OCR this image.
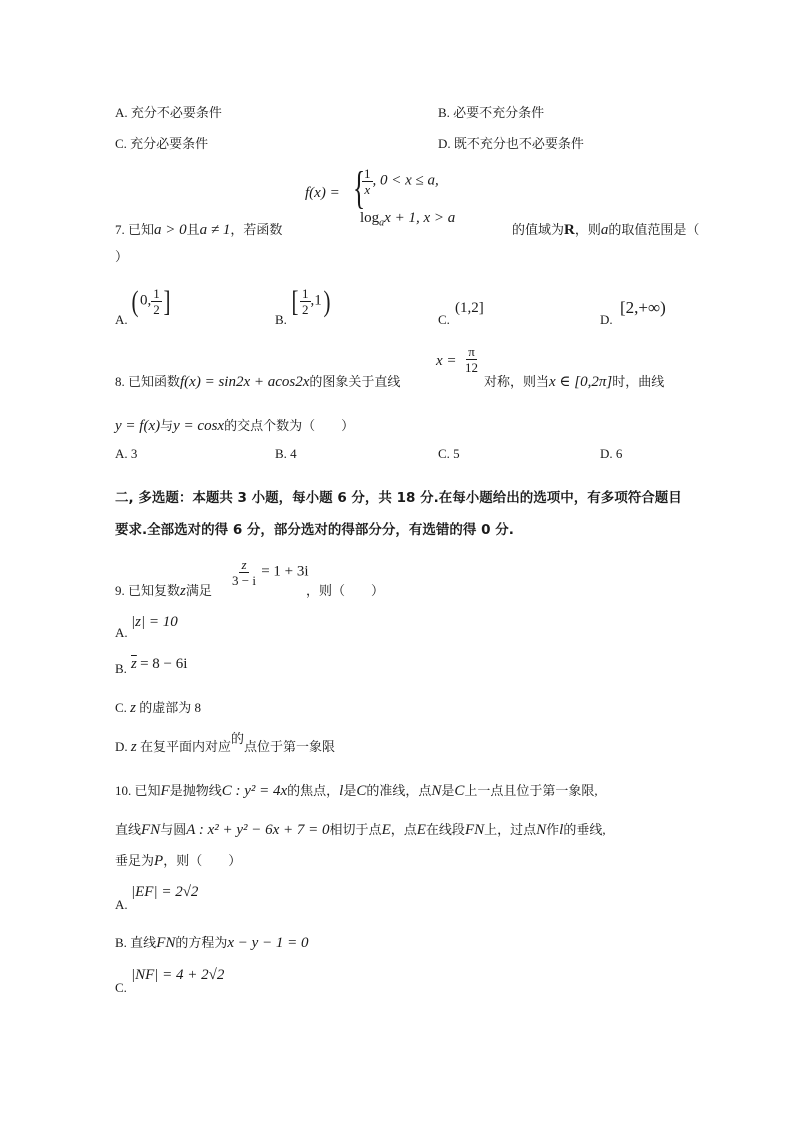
A. 充分不必要条件	B. 必要不充分条件
C. 充分必要条件	D. 既不充分也不必要条件
7. 已知a > 0且a ≠ 1，若函数
f(x) = {
$\frac{1}{x}$ , 0 < x ≤ a,
$\log_ax + 1$, x > a
的值域为R，则a的取值范围是（
）
A.
( 0, $\frac{1}{2}$ ]
B.
[ $\frac{1}{2} ,1$)
C.
(1,2]
D.
[2,+∞)
8. 已知函数f(x) = sin2x + acos2x的图象关于直线
$x = \frac{\pi}{12}$
对称，则当x ∈ [0,2π]时，曲线
y = f(x)与y = cosx的交点个数为（　　）
A. 3	B. 4	C. 5	D. 6
二, 多选题：本题共 3 小题，每小题 6 分，共 18 分.在每小题给出的选项中，有多项符合题目
要求.全部选对的得 6 分，部分选对的得部分分，有选错的得 0 分.
9. 已知复数z满足
$\frac{z}{3 - i} = 1 + 3i$
，则（　　）
A.
|z| = 10
B. $\overline{z} = 8 - 6i$
C. z 的虚部为 8
D. z 在复平面内对应的点位于第一象限
10. 已知F是抛物线C : y² = 4x的焦点，l是C的准线，点N是C上一点且位于第一象限,
直线FN与圆A : x² + y² − 6x + 7 = 0相切于点E，点E在线段FN上，过点N作l的垂线,
垂足为P，则（　　）
A.
|EF| = 2√2
B. 直线FN的方程为x − y − 1 = 0
C.
|NF| = 4 + 2√2
